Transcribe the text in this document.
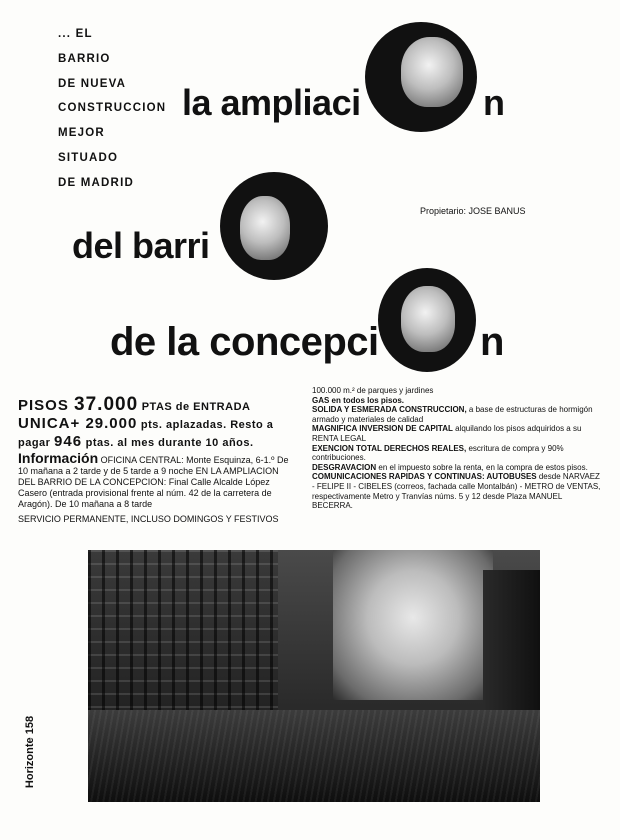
... EL
BARRIO
DE NUEVA
CONSTRUCCION
MEJOR
SITUADO
DE MADRID
la ampliaci	n
del barri
Propietario: JOSE BANUS
de la concepci	n
PISOS 37.000 PTAS de ENTRADA
UNICA+ 29.000 pts. aplazadas. Resto a
pagar 946 ptas. al mes durante 10 años.
Información OFICINA CENTRAL: Monte Esquinza, 6-1.º De 10 mañana a 2 tarde y de 5 tarde a 9 noche EN LA AMPLIACION DEL BARRIO DE LA CONCEPCION: Final Calle Alcalde López Casero (entrada provisional frente al núm. 42 de la carretera de Aragón). De 10 mañana a 8 tarde
SERVICIO PERMANENTE, INCLUSO DOMINGOS Y FESTIVOS
100.000 m.² de parques y jardines
GAS en todos los pisos.
SOLIDA Y ESMERADA CONSTRUCCION, a base de estructuras de hormigón armado y materiales de calidad
MAGNIFICA INVERSION DE CAPITAL alquilando los pisos adquiridos a su RENTA LEGAL
EXENCION TOTAL DERECHOS REALES, escritura de compra y 90% contribuciones.
DESGRAVACION en el impuesto sobre la renta, en la compra de estos pisos.
COMUNICACIONES RAPIDAS Y CONTINUAS: AUTOBUSES desde NARVAEZ - FELIPE II - CIBELES (correos, fachada calle Montalbán) - METRO de VENTAS, respectivamente Metro y Tranvías núms. 5 y 12 desde Plaza MANUEL BECERRA.
Horizonte 158
